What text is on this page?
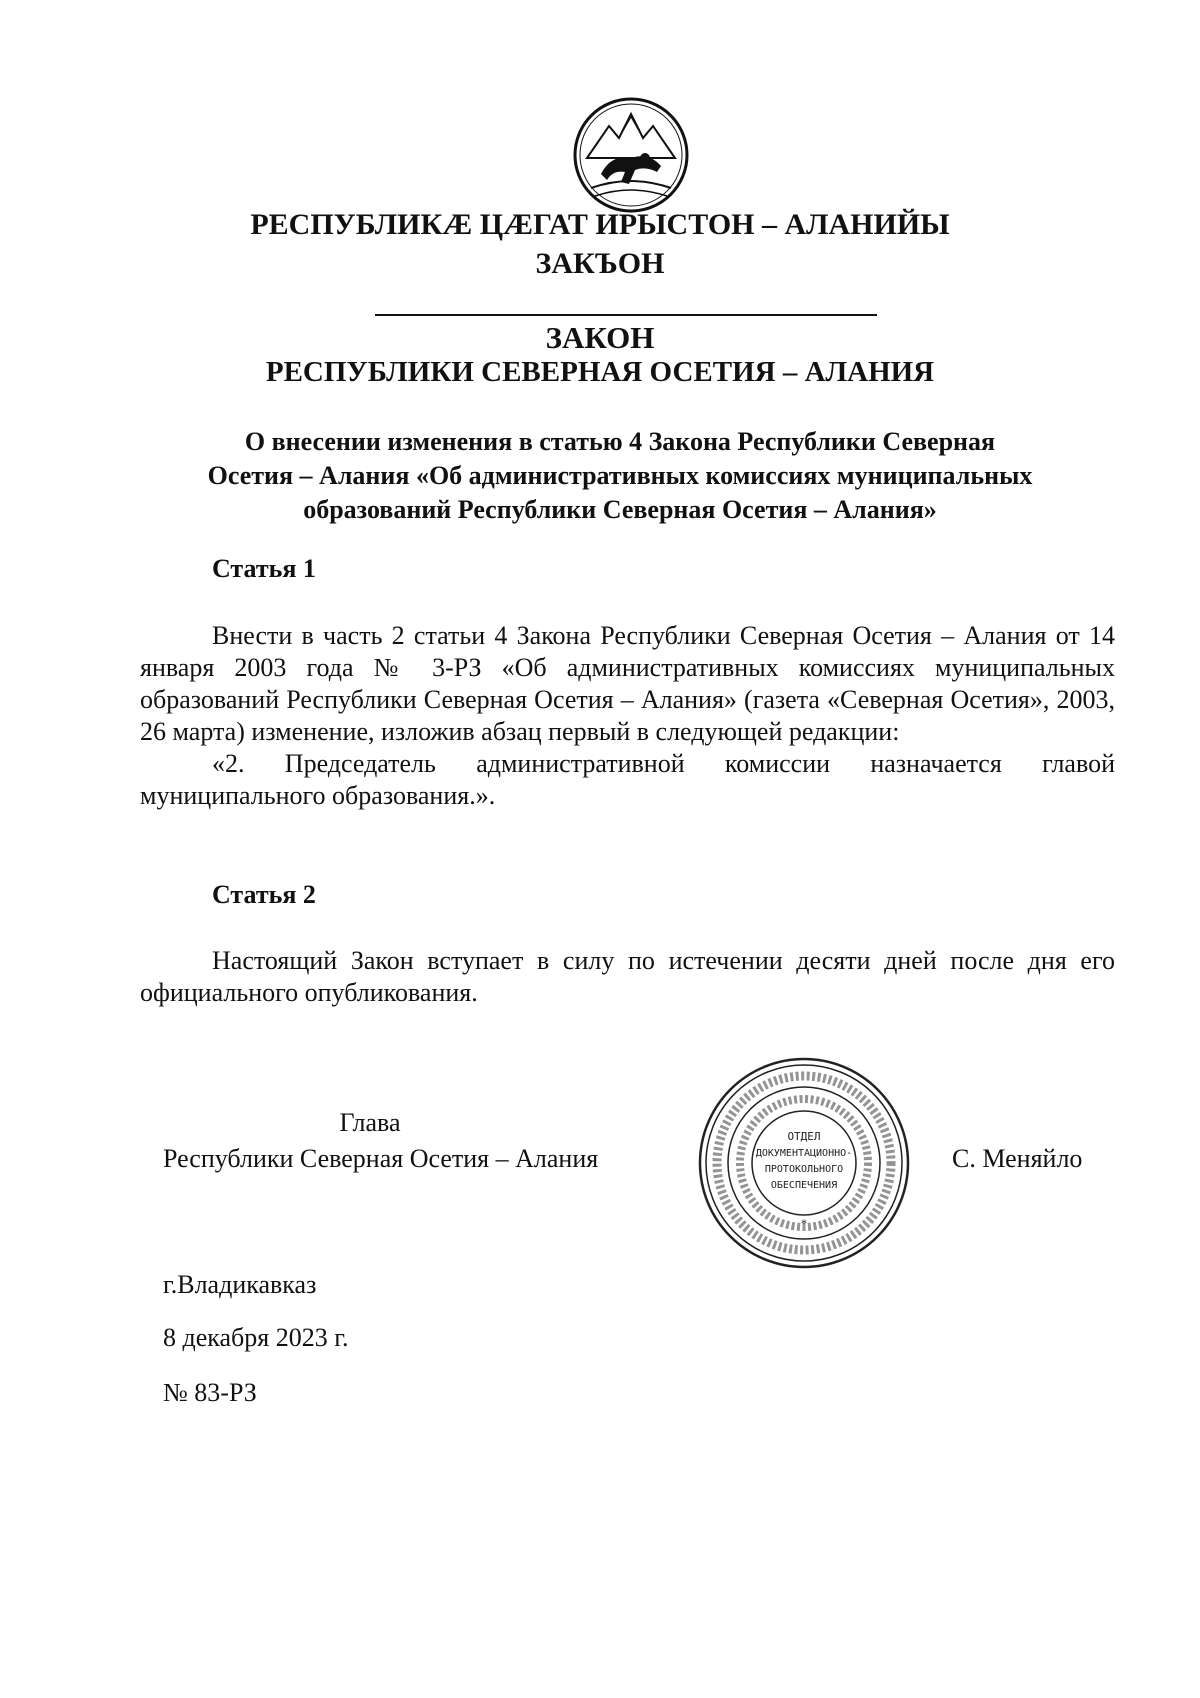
РЕСПУБЛИКӔ ЦӔГАТ ИРЫСТОН – АЛАНИЙЫ
ЗАКЪОН
ЗАКОН
РЕСПУБЛИКИ СЕВЕРНАЯ ОСЕТИЯ – АЛАНИЯ

О внесении изменения в статью 4 Закона Республики Северная

Осетия – Алания «Об административных комиссиях муниципальных

образований Республики Северная Осетия – Алания»

Статья 1

Внести в часть 2 статьи 4 Закона Республики Северная Осетия – Алания от 14 января 2003 года № 3-РЗ «Об административных комиссиях муниципальных образований Республики Северная Осетия – Алания» (газета «Северная Осетия», 2003, 26 марта) изменение, изложив абзац первый в следующей редакции:

«2. Председатель административной комиссии назначается главой муниципального образования.».

Статья 2

Настоящий Закон вступает в силу по истечении десяти дней после дня его официального опубликования.

Глава
Республики Северная Осетия – Алания	С. Меняйло
ОТДЕЛ
ДОКУМЕНТАЦИОННО-
ПРОТОКОЛЬНОГО
ОБЕСПЕЧЕНИЯ
*
г.Владикавказ
8 декабря 2023 г.
№ 83-РЗ
